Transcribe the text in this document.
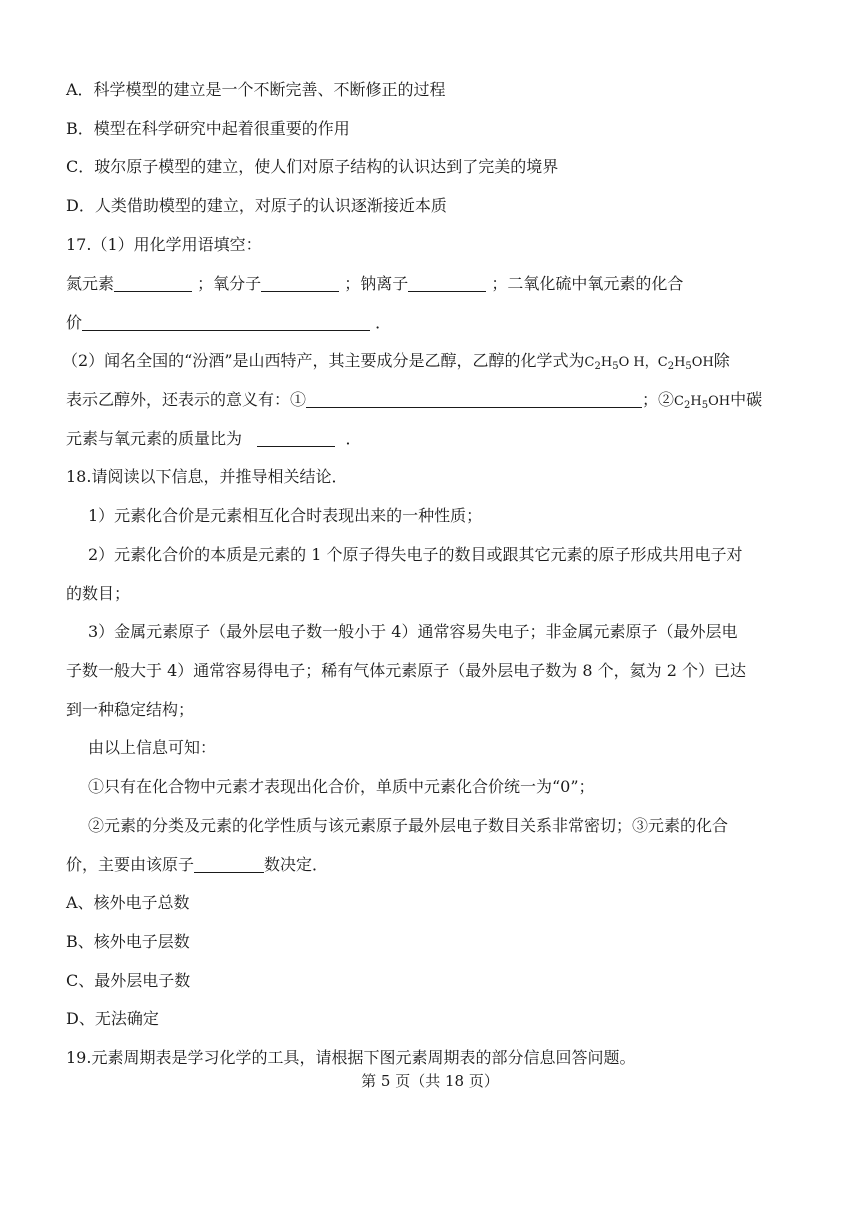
A．科学模型的建立是一个不断完善、不断修正的过程
B．模型在科学研究中起着很重要的作用
C．玻尔原子模型的建立，使人们对原子结构的认识达到了完美的境界
D．人类借助模型的建立，对原子的认识逐渐接近本质
17.（1）用化学用语填空：
氮元素	；氧分子	；钠离子	；二氧化硫中氧元素的化合
价	．
（2）闻名全国的“汾酒”是山西特产，其主要成分是乙醇，乙醇的化学式为$C_2H_5O$ H，$C_2H_5OH$除
表示乙醇外，还表示的意义有：①	；$②C_2H_5OH$中碳
元素与氧元素的质量比为	．
18.请阅读以下信息，并推导相关结论．
1）元素化合价是元素相互化合时表现出来的一种性质；
2）元素化合价的本质是元素的 1 个原子得失电子的数目或跟其它元素的原子形成共用电子对
的数目；
3）金属元素原子（最外层电子数一般小于 4）通常容易失电子；非金属元素原子（最外层电
子数一般大于 4）通常容易得电子；稀有气体元素原子（最外层电子数为 8 个，氦为 2 个）已达
到一种稳定结构；
由以上信息可知：
①只有在化合物中元素才表现出化合价，单质中元素化合价统一为“0”；
②元素的分类及元素的化学性质与该元素原子最外层电子数目关系非常密切；③元素的化合
价，主要由该原子	数决定．
A、核外电子总数
B、核外电子层数
C、最外层电子数
D、无法确定
19.元素周期表是学习化学的工具，请根据下图元素周期表的部分信息回答问题。
第 5 页（共 18 页）
